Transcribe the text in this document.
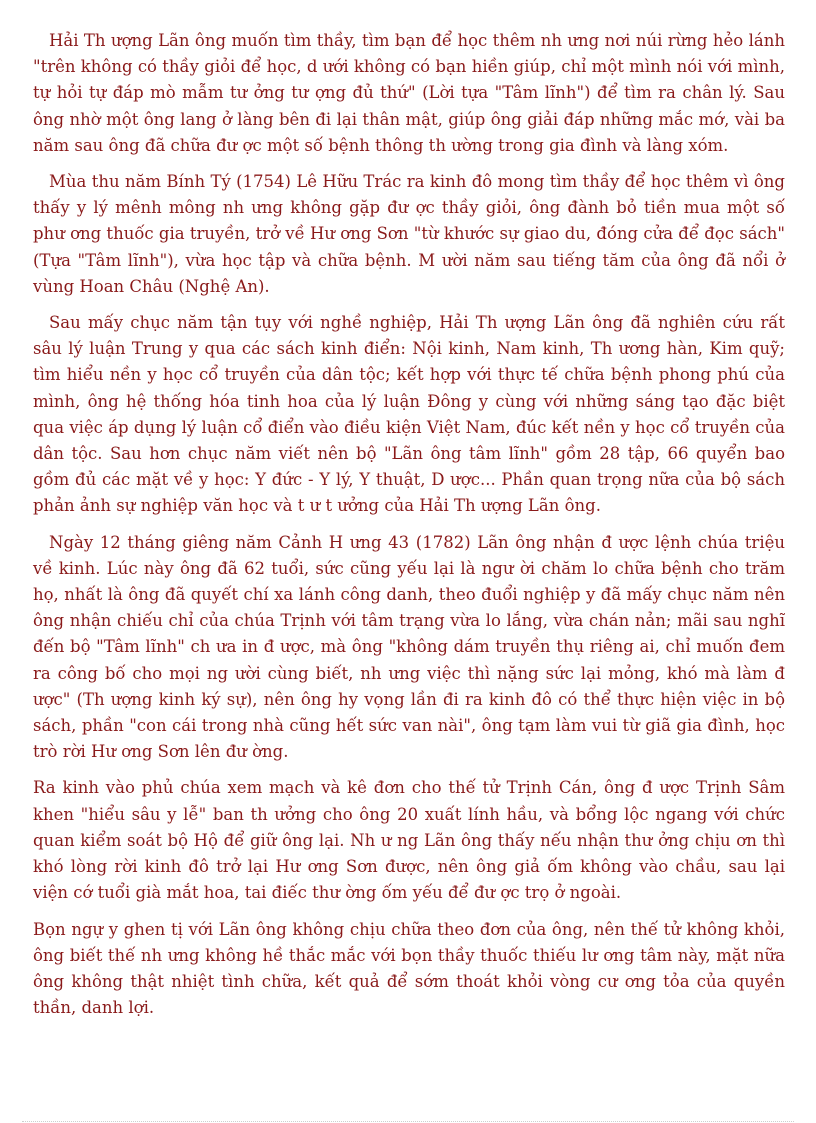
Hải Th ượng Lãn ông muốn tìm thầy, tìm bạn để học thêm nh ưng nơi núi rừng hẻo lánh "trên không có thầy giỏi để học, d ưới không có bạn hiền giúp, chỉ một mình nói với mình, tự hỏi tự đáp mò mẫm tư ởng tư ợng đủ thứ" (Lời tựa "Tâm lĩnh") để tìm ra chân lý. Sau ông nhờ một ông lang ở làng bên đi lại thân mật, giúp ông giải đáp những mắc mớ, vài ba năm sau ông đã chữa đư ợc một số bệnh thông th ường trong gia đình và làng xóm.

Mùa thu năm Bính Tý (1754) Lê Hữu Trác ra kinh đô mong tìm thầy để học thêm vì ông thấy y lý mênh mông nh ưng không gặp đư ợc thầy giỏi, ông đành bỏ tiền mua một số phư ơng thuốc gia truyền, trở về Hư ơng Sơn "từ khước sự giao du, đóng cửa để đọc sách" (Tựa "Tâm lĩnh"), vừa học tập và chữa bệnh. M ười năm sau tiếng tăm của ông đã nổi ở vùng Hoan Châu (Nghệ An).

Sau mấy chục năm tận tụy với nghề nghiệp, Hải Th ượng Lãn ông đã nghiên cứu rất sâu lý luận Trung y qua các sách kinh điển: Nội kinh, Nam kinh, Th ương hàn, Kim quỹ; tìm hiểu nền y học cổ truyền của dân tộc; kết hợp với thực tế chữa bệnh phong phú của mình, ông hệ thống hóa tinh hoa của lý luận Đông y cùng với những sáng tạo đặc biệt qua việc áp dụng lý luận cổ điển vào điều kiện Việt Nam, đúc kết nền y học cổ truyền của dân tộc. Sau hơn chục năm viết nên bộ "Lãn ông tâm lĩnh" gồm 28 tập, 66 quyển bao gồm đủ các mặt về y học: Y đức - Y lý, Y thuật, D ược... Phần quan trọng nữa của bộ sách phản ảnh sự nghiệp văn học và t ư t ưởng của Hải Th ượng Lãn ông.

Ngày 12 tháng giêng năm Cảnh H ưng 43 (1782) Lãn ông nhận đ ược lệnh chúa triệu về kinh. Lúc này ông đã 62 tuổi, sức cũng yếu lại là ngư ời chăm lo chữa bệnh cho trăm họ, nhất là ông đã quyết chí xa lánh công danh, theo đuổi nghiệp y đã mấy chục năm nên ông nhận chiếu chỉ của chúa Trịnh với tâm trạng vừa lo lắng, vừa chán nản; mãi sau nghĩ đến bộ "Tâm lĩnh" ch ưa in đ ược, mà ông "không dám truyền thụ riêng ai, chỉ muốn đem ra công bố cho mọi ng ười cùng biết, nh ưng việc thì nặng sức lại mỏng, khó mà làm đ ược" (Th ượng kinh ký sự), nên ông hy vọng lần đi ra kinh đô có thể thực hiện việc in bộ sách, phần "con cái trong nhà cũng hết sức van nài", ông tạm làm vui từ giã gia đình, học trò rời Hư ơng Sơn lên đư ờng.

Ra kinh vào phủ chúa xem mạch và kê đơn cho thế tử Trịnh Cán, ông đ ược Trịnh Sâm khen "hiểu sâu y lễ" ban th ưởng cho ông 20 xuất lính hầu, và bổng lộc ngang với chức quan kiểm soát bộ Hộ để giữ ông lại. Nh ư ng Lãn ông thấy nếu nhận thư ởng chịu ơn thì khó lòng rời kinh đô trở lại Hư ơng Sơn được, nên ông giả ốm không vào chầu, sau lại viện cớ tuổi già mắt hoa, tai điếc thư ờng ốm yếu để đư ợc trọ ở ngoài.

Bọn ngự y ghen tị với Lãn ông không chịu chữa theo đơn của ông, nên thế tử không khỏi, ông biết thế nh ưng không hề thắc mắc với bọn thầy thuốc thiếu lư ơng tâm này, mặt nữa ông không thật nhiệt tình chữa, kết quả để sớm thoát khỏi vòng cư ơng tỏa của quyền thần, danh lợi.
